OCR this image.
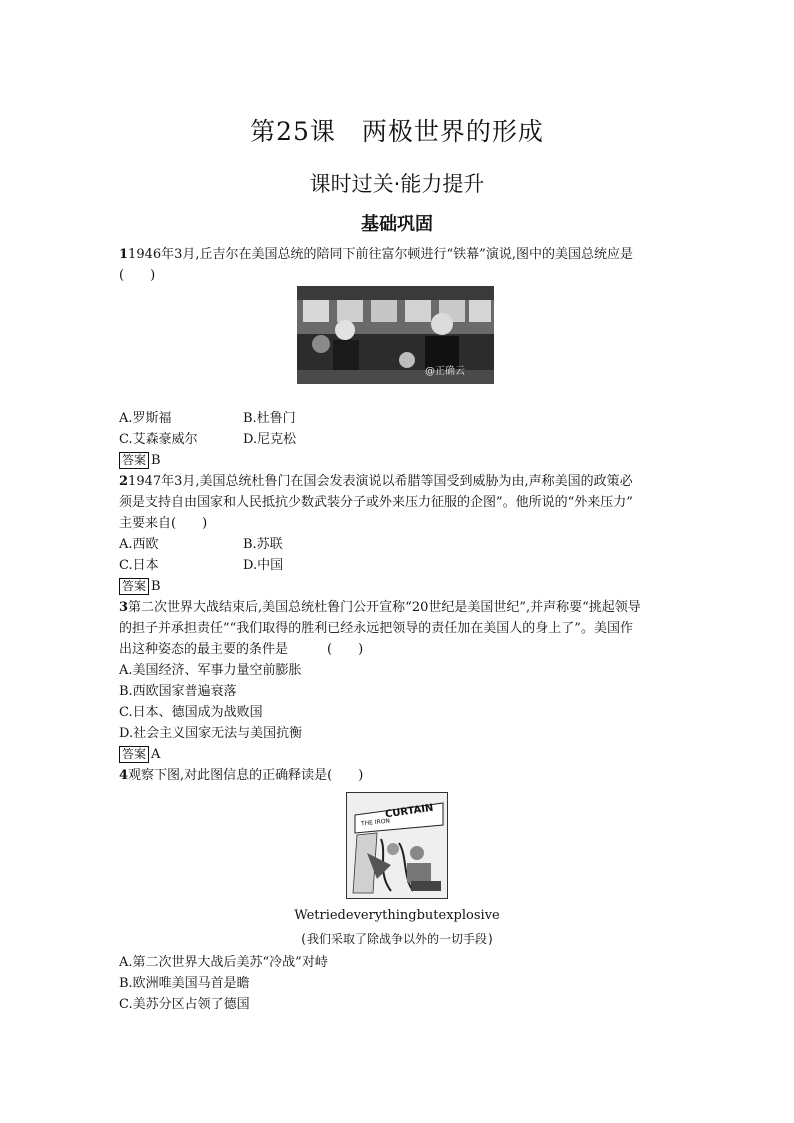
第25课　两极世界的形成
课时过关·能力提升
基础巩固
11946年3月,丘吉尔在美国总统的陪同下前往富尔顿进行“铁幕”演说,图中的美国总统应是
(　　)
@正确云
A.罗斯福	B.杜鲁门
C.艾森豪威尔	D.尼克松
答案 B
21947年3月,美国总统杜鲁门在国会发表演说以希腊等国受到威胁为由,声称美国的政策必
须是支持自由国家和人民抵抗少数武装分子或外来压力征服的企图”。他所说的“外来压力”
主要来自(　　)
A.西欧	B.苏联
C.日本	D.中国
答案 B
3第二次世界大战结束后,美国总统杜鲁门公开宣称“20世纪是美国世纪”,并声称要“挑起领导
的担子并承担责任”“我们取得的胜利已经永远把领导的责任加在美国人的身上了”。美国作
出这种姿态的最主要的条件是　　　(　　)
A.美国经济、军事力量空前膨胀
B.西欧国家普遍衰落
C.日本、德国成为战败国
D.社会主义国家无法与美国抗衡
答案 A
4观察下图,对此图信息的正确释读是(　　)
CURTAIN
THE IRON
Wetriedeverythingbutexplosive
(我们采取了除战争以外的一切手段)
A.第二次世界大战后美苏“冷战”对峙
B.欧洲唯美国马首是瞻
C.美苏分区占领了德国
